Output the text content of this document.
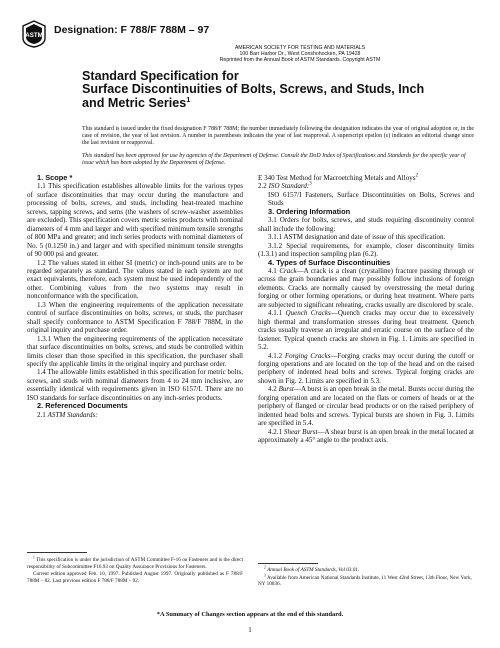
ASTM Designation: F 788/F 788M – 97
AMERICAN SOCIETY FOR TESTING AND MATERIALS
100 Barr Harbor Dr., West Conshohocken, PA 19428
Reprinted from the Annual Book of ASTM Standards. Copyright ASTM
Standard Specification for
Surface Discontinuities of Bolts, Screws, and Studs, Inch
and Metric Series$^1$
This standard is issued under the fixed designation F 788/F 788M; the number immediately following the designation indicates the year of original adoption or, in the case of revision, the year of last revision. A number in parentheses indicates the year of last reapproval. A superscript epsilon (ε) indicates an editorial change since the last revision or reapproval.
This standard has been approved for use by agencies of the Department of Defense. Consult the DoD Index of Specifications and Standards for the specific year of issue which has been adopted by the Department of Defense.

1. Scope *

1.1 This specification establishes allowable limits for the various types of surface discontinuities that may occur during the manufacture and processing of bolts, screws, and studs, including heat-treated machine screws, tapping screws, and sems (the washers of screw-washer assemblies are excluded). This specification covers metric series products with nominal diameters of 4 mm and larger and with specified minimum tensile strengths of 800 MPa and greater; and inch series products with nominal diameters of No. 5 (0.1250 in.) and larger and with specified minimum tensile strengths of 90 000 psi and greater.

1.2 The values stated in either SI (metric) or inch-pound units are to be regarded separately as standard. The values stated in each system are not exact equivalents, therefore, each system must be used independently of the other. Combining values from the two systems may result in nonconformance with the specification.

1.3 When the engineering requirements of the application necessitate control of surface discontinuities on bolts, screws, or studs, the purchaser shall specify conformance to ASTM Specification F 788/F 788M, in the original inquiry and purchase order.

1.3.1 When the engineering requirements of the application necessitate that surface discontinuities on bolts, screws, and studs be controlled within limits closer than those specified in this specification, the purchaser shall specify the applicable limits in the original inquiry and purchase order.

1.4 The allowable limits established in this specification for metric bolts, screws, and studs with nominal diameters from 4 to 24 mm inclusive, are essentially identical with requirements given in ISO 6157/I. There are no ISO standards for surface discontinuities on any inch-series products.

2. Referenced Documents

2.1 ASTM Standards:

E 340 Test Method for Macroetching Metals and Alloys$^2$

2.2 ISO Standard:$^3$

ISO 6157/I Fasteners, Surface Discontinuities on Bolts, Screws and Studs

3. Ordering Information

3.1 Orders for bolts, screws, and studs requiring discontinuity control shall include the following:

3.1.1 ASTM designation and date of issue of this specification.

3.1.2 Special requirements, for example, closer discontinuity limits (1.3.1) and inspection sampling plan (6.2).

4. Types of Surface Discontinuities

4.1 Crack—A crack is a clean (crystalline) fracture passing through or across the grain boundaries and may possibly follow inclusions of foreign elements. Cracks are normally caused by overstressing the metal during forging or other forming operations, or during heat treatment. Where parts are subjected to significant reheating, cracks usually are discolored by scale.

4.1.1 Quench Cracks—Quench cracks may occur due to excessively high thermal and transformation stresses during heat treatment. Quench cracks usually traverse an irregular and erratic course on the surface of the fastener. Typical quench cracks are shown in Fig. 1. Limits are specified in 5.2.

4.1.2 Forging Cracks—Forging cracks may occur during the cutoff or forging operations and are located on the top of the head and on the raised periphery of indented head bolts and screws. Typical forging cracks are shown in Fig. 2. Limits are specified in 5.3.

4.2 Burst—A burst is an open break in the metal. Bursts occur during the forging operation and are located on the flats or corners of heads or at the periphery of flanged or circular head products or on the raised periphery of indented head bolts and screws. Typical bursts are shown in Fig. 3. Limits are specified in 5.4.

4.2.1 Shear Burst—A shear burst is an open break in the metal located at approximately a 45° angle to the product axis.

$^1$ This specification is under the jurisdiction of ASTM Committee F-16 on Fasteners and is the direct responsibility of Subcommittee F16.93 on Quality Assurance Provisions for Fasteners.

Current edition approved Feb. 10, 1997. Published August 1997. Originally published as F 788/F 788M – 82. Last previous edition F 788/F 788M – 92.

$^2$ Annual Book of ASTM Standards, Vol 03.01.

$^3$ Available from American National Standards Institute, 11 West 42nd Street, 13th Floor, New York, NY 10036.

*A Summary of Changes section appears at the end of this standard.
1
